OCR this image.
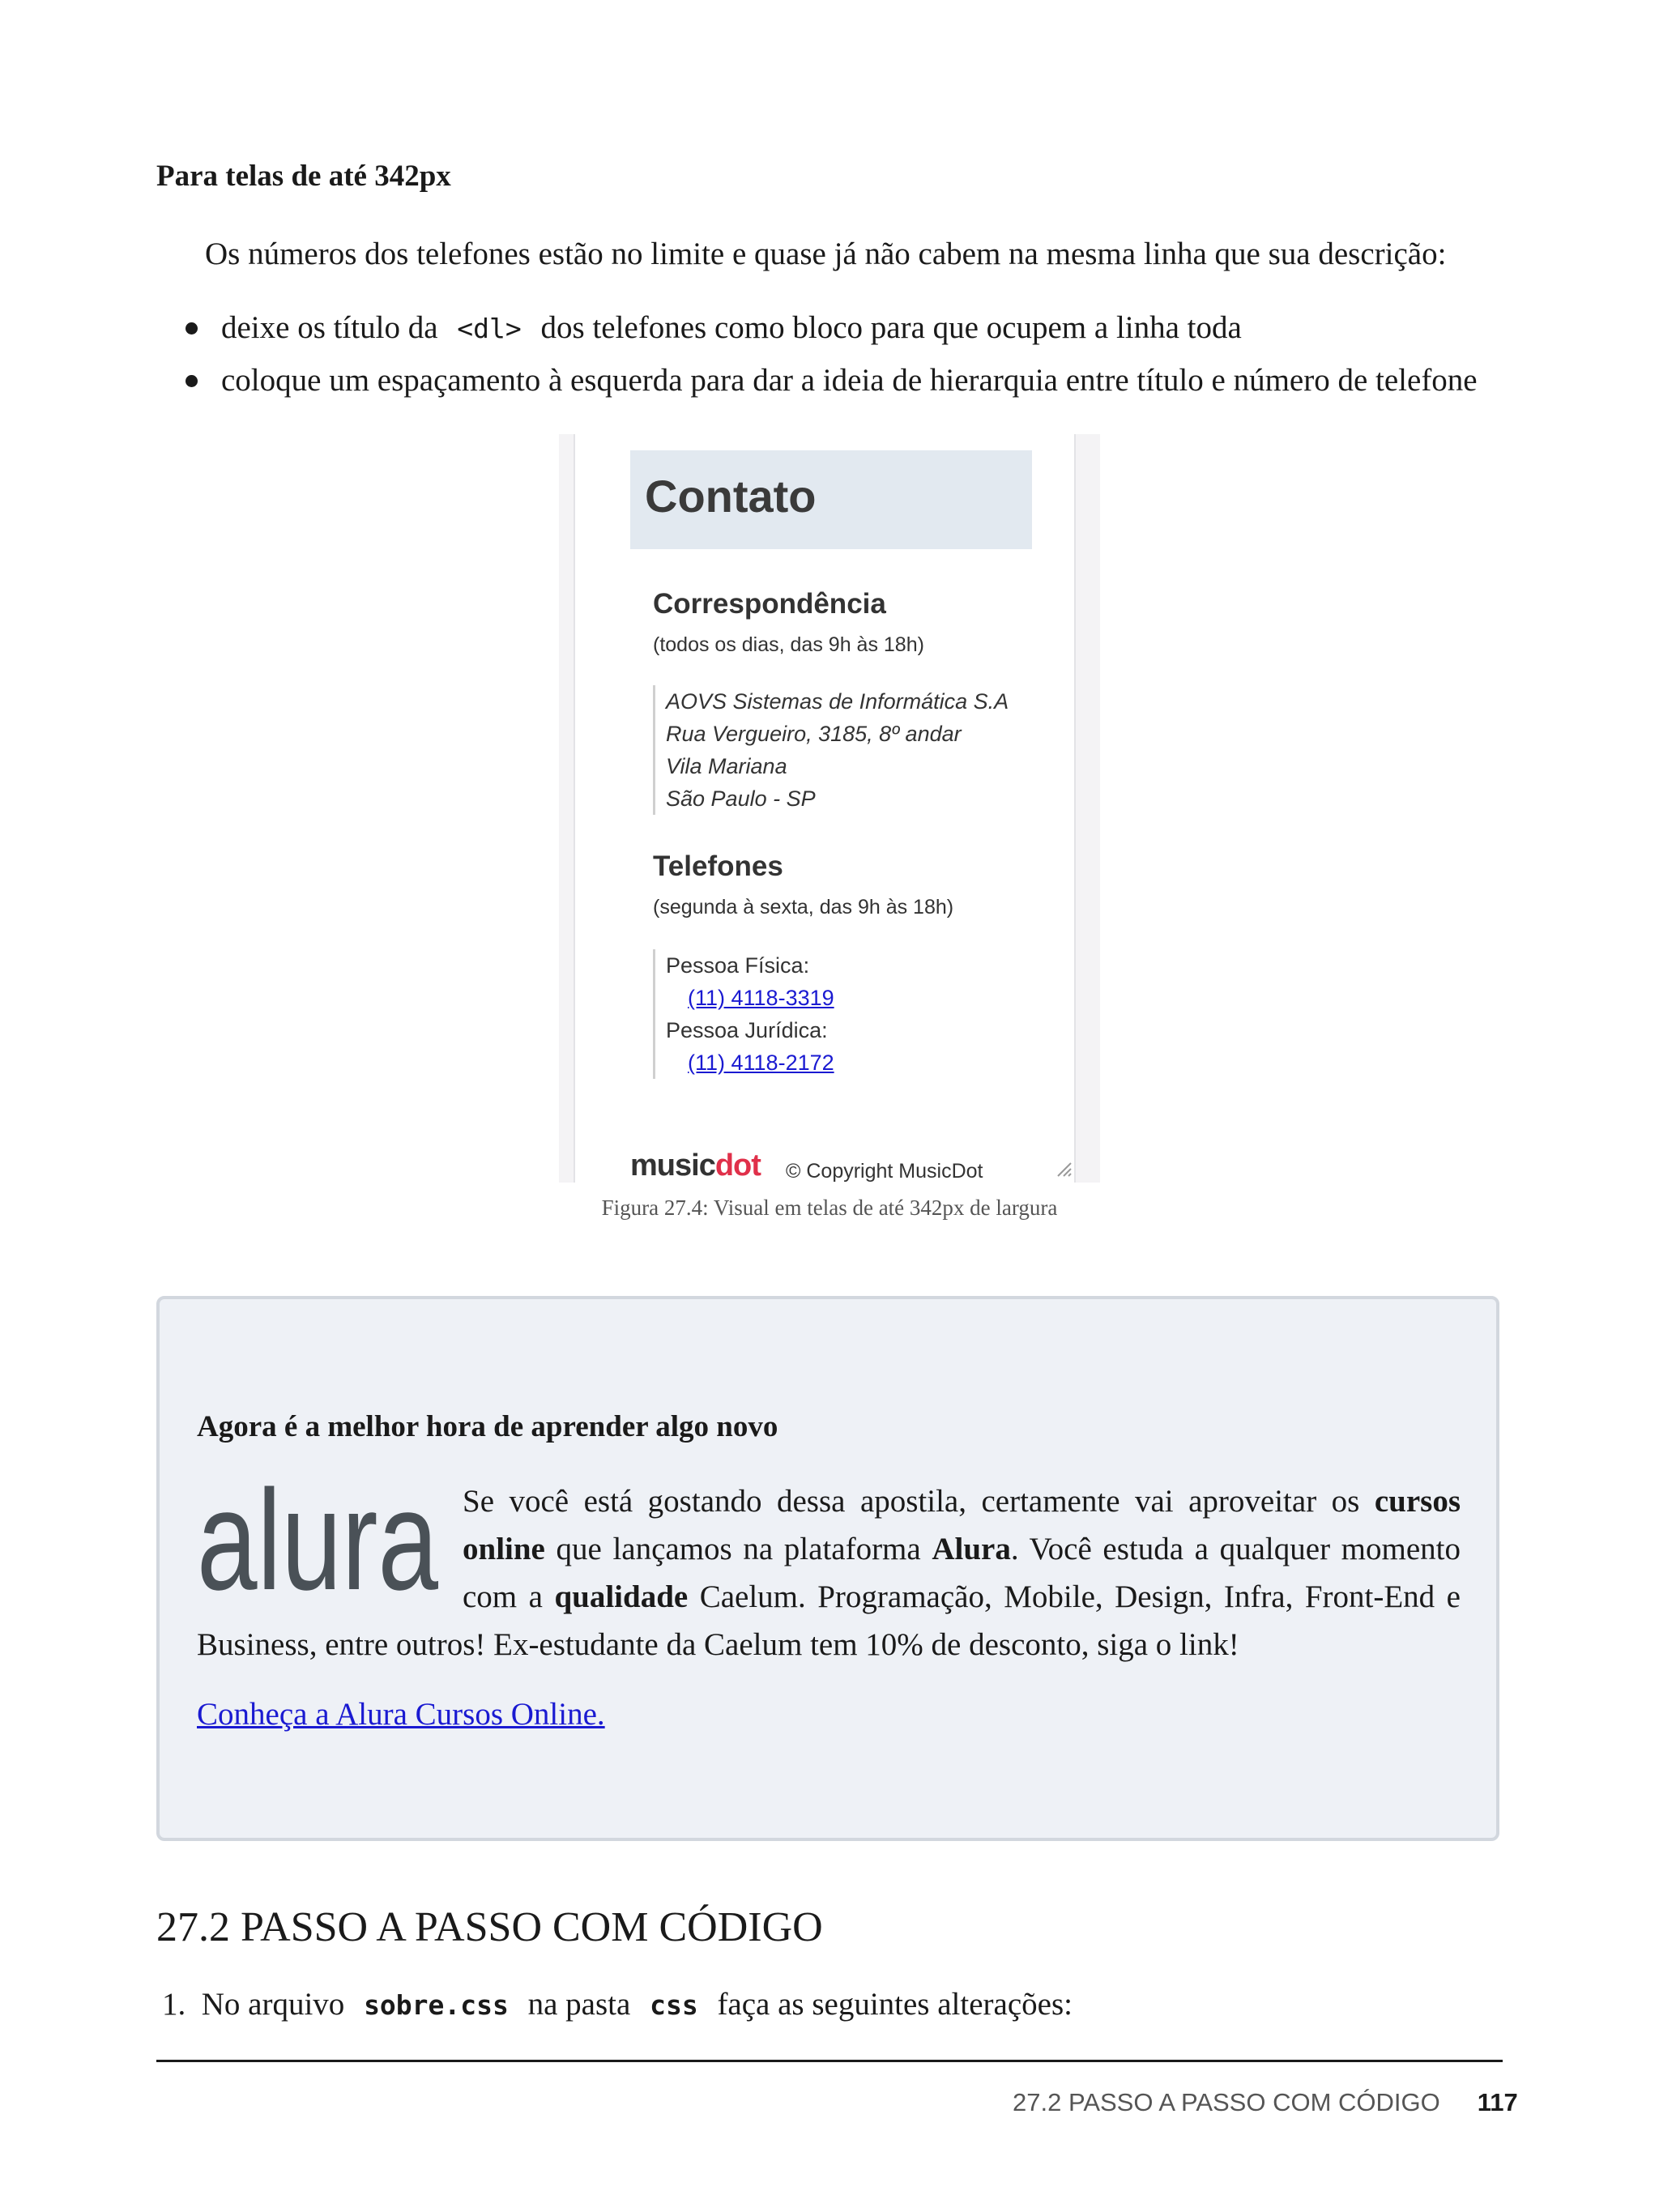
Para telas de até 342px
Os números dos telefones estão no limite e quase já não cabem na mesma linha que sua descrição:
deixe os título da <dl> dos telefones como bloco para que ocupem a linha toda
coloque um espaçamento à esquerda para dar a ideia de hierarquia entre título e número de telefone
Contato
Correspondência
(todos os dias, das 9h às 18h)
AOVS Sistemas de Informática S.A
Rua Vergueiro, 3185, 8º andar
Vila Mariana
São Paulo - SP
Telefones
(segunda à sexta, das 9h às 18h)
Pessoa Física:
(11) 4118-3319
Pessoa Jurídica:
(11) 4118-2172
musicdot © Copyright MusicDot
Figura 27.4: Visual em telas de até 342px de largura
Agora é a melhor hora de aprender algo novo
alura Se você está gostando dessa apostila, certamente vai aproveitar os cursos online que lançamos na plataforma Alura. Você estuda a qualquer momento com a qualidade Caelum. Programação, Mobile, Design, Infra, Front-End e Business, entre outros! Ex-estudante da Caelum tem 10% de desconto, siga o link!
Conheça a Alura Cursos Online.
27.2 PASSO A PASSO COM CÓDIGO
1. No arquivo sobre.css na pasta css faça as seguintes alterações:
27.2 PASSO A PASSO COM CÓDIGO 117
